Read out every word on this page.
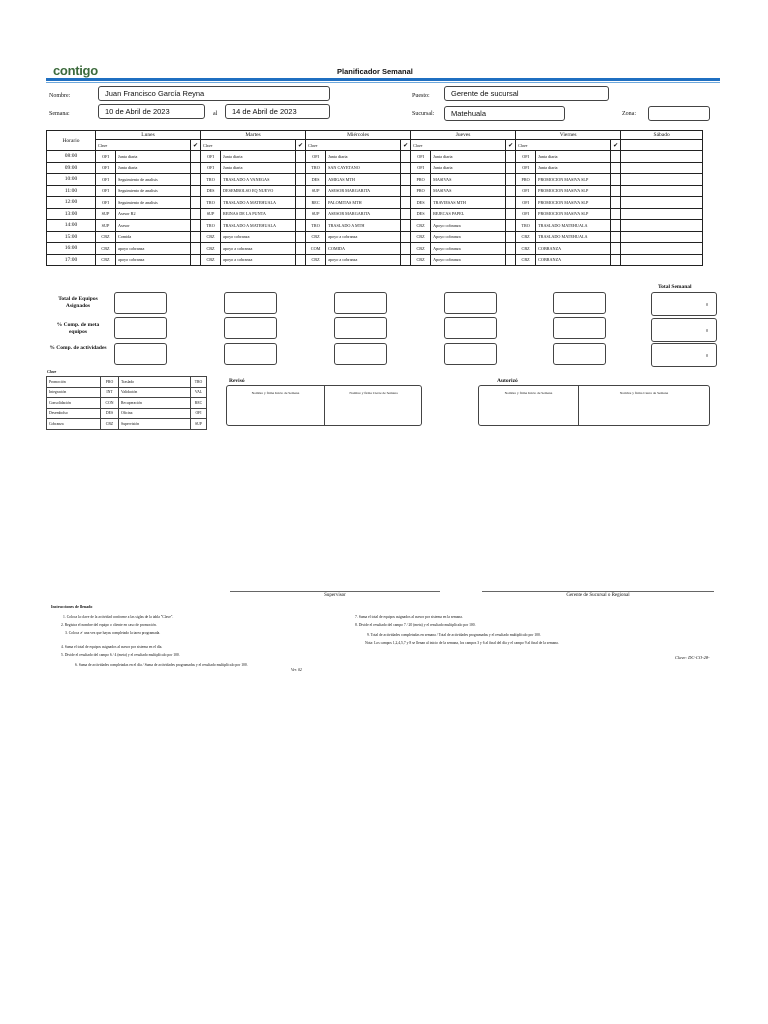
contigo	Planificador Semanal
Nombre:	Juan Francisco García Reyna	Puesto:	Gerente de sucursal
Semana:	10 de Abril de 2023	al	14 de Abril de 2023	Sucursal:	Matehuala	Zona:
Horario	Lunes			Martes			Miércoles			Jueves			Viernes			Sábado
	Clave		✔	Clave		✔	Clave		✔	Clave		✔	Clave		✔	
08:00	OFI	Junta diaria		OFI	Junta diaria		OFI	Junta diaria		OFI	Junta diaria		OFI	Junta diaria		
09:00	OFI	Junta diaria		OFI	Junta diaria		TRO	SAN CAYETANO		OFI	Junta diaria		OFI	Junta diaria		
10:00	OFI	Seguimiento de analisis		TRO	TRASLADO A VANEGAS		DES	AMIGAS MTH		PRO	MASIVAS		PRO	PROMOCION MASIVA SLP		
11:00	OFI	Seguimiento de analisis		DES	DESEMBOLSO EQ NUEVO		SUP	ASESOR MARGARITA		PRO	MASIVAS		OFI	PROMOCION MASIVA SLP		
12:00	OFI	Seguimiento de analisis		TRO	TRASLADO A MATEHUALA		REC	PALOMITAS MTH		DES	TRAVIESAS MTH		OFI	PROMOCION MASIVA SLP		
13:00	SUP	Asesor R2		SUP	REINAS DE LA PUNTA		SUP	ASESOR MARGARITA		DES	REJECAS PAPEL		OFI	PROMOCION MASIVA SLP		
14:00	SUP	Asesor		TRO	TRASLADO A MATEHUALA		TRO	TRASLADO A MTH		CBZ	Apoyo cobranza		TRO	TRASLADO MATEHUALA		
15:00	CBZ	Comida		CBZ	apoyo cobranza		CBZ	apoyo a cobranza		CBZ	Apoyo cobranza		CBZ	TRASLADO MATEHUALA		
16:00	CBZ	apoyo cobranza		CBZ	apoyo a cobranza		COM	COMIDA		CBZ	Apoyo cobranza		CBZ	COBRANZA		
17:00	CBZ	apoyo cobranza		CBZ	apoyo a cobranza		CBZ	apoyo a cobranza		CBZ	Apoyo cobranza		CBZ	COBRANZA		
Total de Equipos Asignados
% Comp. de meta equipos
% Comp. de actividades
Total Semanal
0
0
0
Clave
Promoción	PRO	Traslado	TRO
Integración	INT	Validación	VAL
Consolidación	CON	Recuperación	REC
Desembolso	DES	Oficina	OFI
Cobranza	CBZ	Supervisión	SUP
Revisó
Nombre y firma Inicio de Semana	Nombre y firma Cierre de Semana
Autorizó
Nombre y firma Inicio de Semana	Nombre y firma Cierre de Semana
Supervisor	Gerente de Sucursal o Regional
Instrucciones de llenado
1. Coloca la clave de la actividad conforme a las siglas de la tabla "Clave".
2. Registra el nombre del equipo o cliente en caso de promoción.
3. Coloca ✔ una vez que hayas completado la tarea programada.
4. Suma el total de equipos asignados al asesor por sistema en el día.
5. Divide el resultado del campo 6 / 4 (meta) y el resultado multiplícalo por 100.
6. Suma de actividades completadas en el día / Suma de actividades programadas y el resultado multiplícalo por 100.
7. Suma el total de equipos asignados al asesor por sistema en la semana.
8. Divide el resultado del campo 7 / 20 (meta) y el resultado multiplícalo por 100.
9. Total de actividades completadas en semana / Total de actividades programadas y el resultado multiplícalo por 100.
Nota: Los campos 1,2,4,5,7 y 8 se llenan al inicio de la semana, los campos 3 y 6 al final del día y el campo 9 al final de la semana.
Ver. 02
Clave: DC-CO-28-
